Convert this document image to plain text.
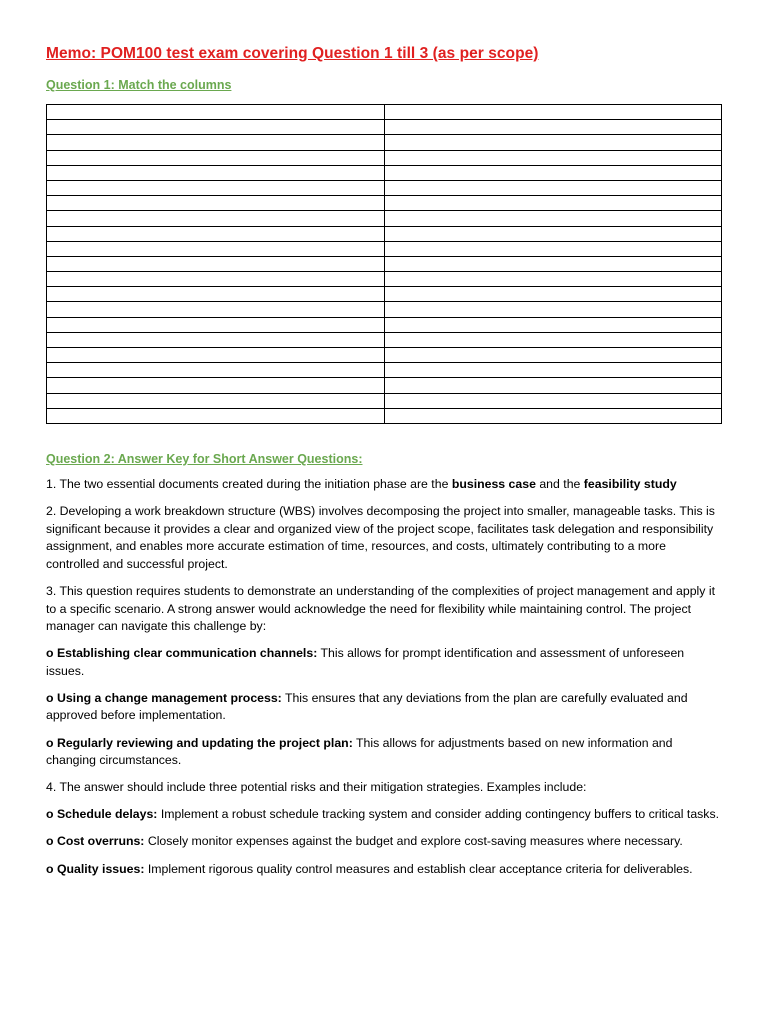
Memo: POM100 test exam covering Question 1 till 3 (as per scope)

Question 1: Match the columns

Question 2: Answer Key for Short Answer Questions:

1. The two essential documents created during the initiation phase are the business case and the feasibility study

2. Developing a work breakdown structure (WBS) involves decomposing the project into smaller, manageable tasks. This is significant because it provides a clear and organized view of the project scope, facilitates task delegation and responsibility assignment, and enables more accurate estimation of time, resources, and costs, ultimately contributing to a more controlled and successful project.

3. This question requires students to demonstrate an understanding of the complexities of project management and apply it to a specific scenario. A strong answer would acknowledge the need for flexibility while maintaining control. The project manager can navigate this challenge by:

o Establishing clear communication channels: This allows for prompt identification and assessment of unforeseen issues.

o Using a change management process: This ensures that any deviations from the plan are carefully evaluated and approved before implementation.

o Regularly reviewing and updating the project plan: This allows for adjustments based on new information and changing circumstances.

4. The answer should include three potential risks and their mitigation strategies. Examples include:

o Schedule delays: Implement a robust schedule tracking system and consider adding contingency buffers to critical tasks.

o Cost overruns: Closely monitor expenses against the budget and explore cost-saving measures where necessary.

o Quality issues: Implement rigorous quality control measures and establish clear acceptance criteria for deliverables.
